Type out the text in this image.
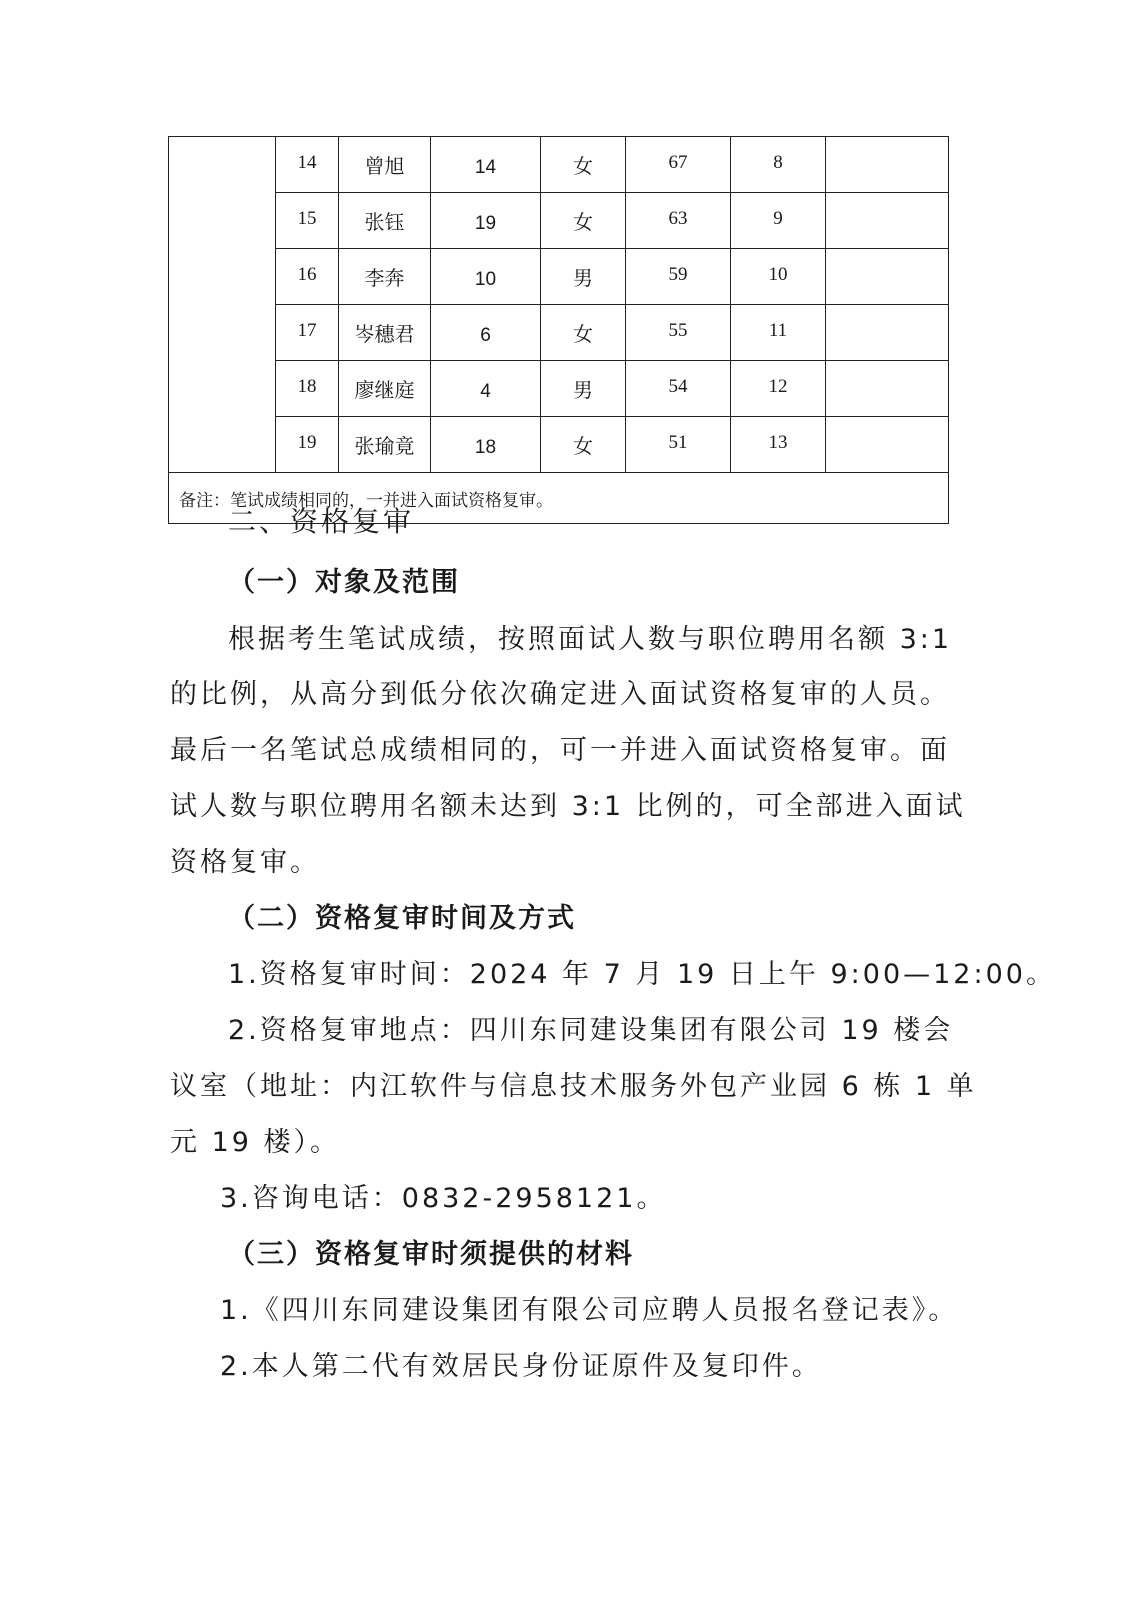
	14	曾旭	14	女	67	8	
	15	张钰	19	女	63	9	
	16	李奔	10	男	59	10	
	17	岑穗君	6	女	55	11	
	18	廖继庭	4	男	54	12	
	19	张瑜竟	18	女	51	13	
备注：笔试成绩相同的，一并进入面试资格复审。							
二、资格复审
（一）对象及范围
根据考生笔试成绩，按照面试人数与职位聘用名额 3:1
的比例，从高分到低分依次确定进入面试资格复审的人员。
最后一名笔试总成绩相同的，可一并进入面试资格复审。面
试人数与职位聘用名额未达到 3:1 比例的，可全部进入面试
资格复审。
（二）资格复审时间及方式
1.资格复审时间：2024 年 7 月 19 日上午 9:00—12:00。
2.资格复审地点：四川东同建设集团有限公司 19 楼会
议室（地址：内江软件与信息技术服务外包产业园 6 栋 1 单
元 19 楼）。
3.咨询电话：0832-2958121。
（三）资格复审时须提供的材料
1.《四川东同建设集团有限公司应聘人员报名登记表》。
2.本人第二代有效居民身份证原件及复印件。
